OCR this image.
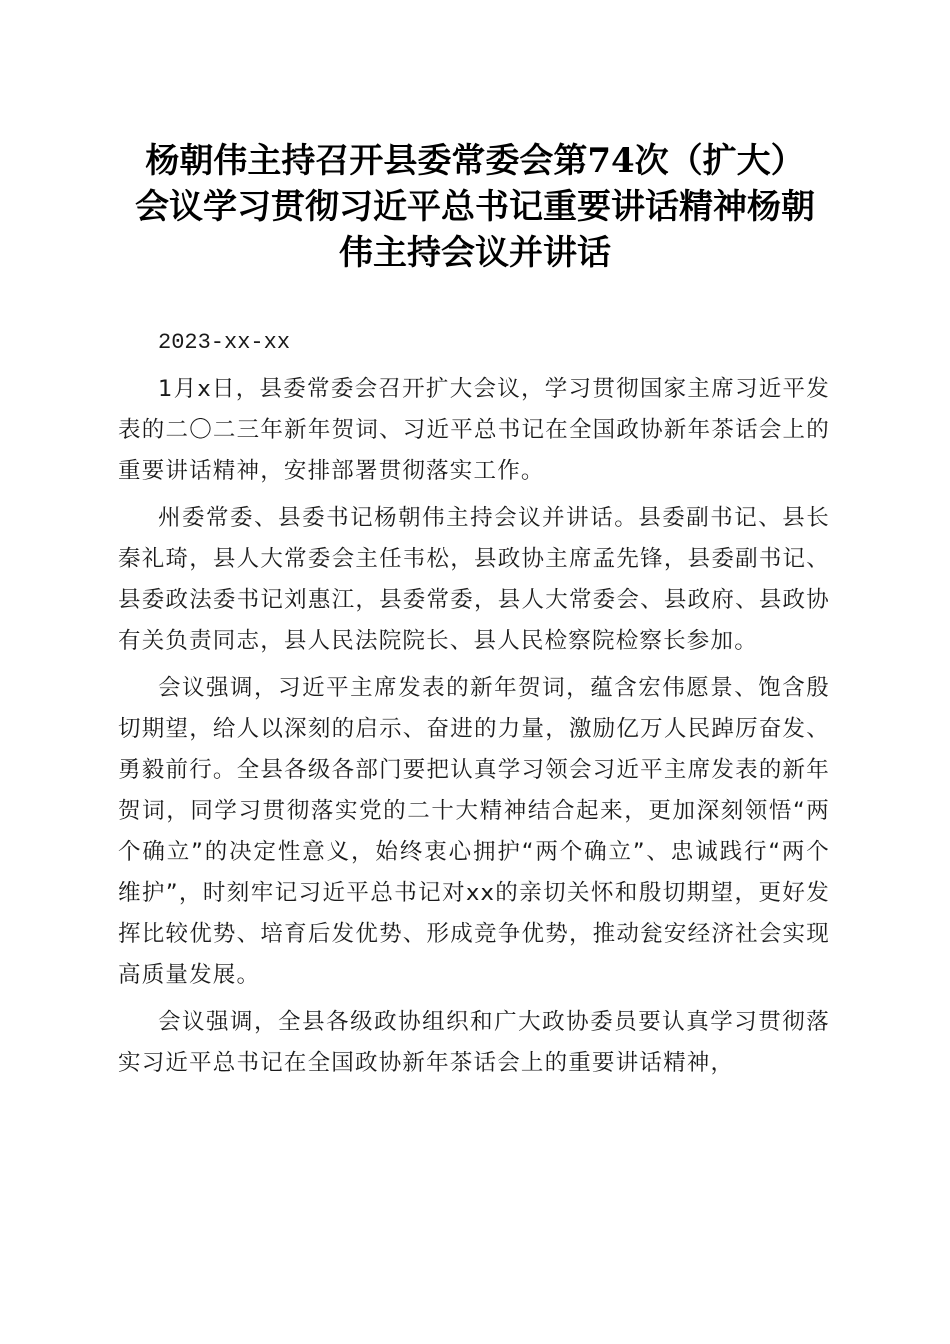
杨朝伟主持召开县委常委会第74次（扩大）
会议学习贯彻习近平总书记重要讲话精神杨朝
伟主持会议并讲话

2023-xx-xx

1月x日，县委常委会召开扩大会议，学习贯彻国家主席习近平发表的二〇二三年新年贺词、习近平总书记在全国政协新年茶话会上的重要讲话精神，安排部署贯彻落实工作。

州委常委、县委书记杨朝伟主持会议并讲话。县委副书记、县长秦礼琦，县人大常委会主任韦松，县政协主席孟先锋，县委副书记、县委政法委书记刘惠江，县委常委，县人大常委会、县政府、县政协有关负责同志，县人民法院院长、县人民检察院检察长参加。

会议强调，习近平主席发表的新年贺词，蕴含宏伟愿景、饱含殷切期望，给人以深刻的启示、奋进的力量，激励亿万人民踔厉奋发、勇毅前行。全县各级各部门要把认真学习领会习近平主席发表的新年贺词，同学习贯彻落实党的二十大精神结合起来，更加深刻领悟“两个确立”的决定性意义，始终衷心拥护“两个确立”、忠诚践行“两个维护”，时刻牢记习近平总书记对xx的亲切关怀和殷切期望，更好发挥比较优势、培育后发优势、形成竞争优势，推动瓮安经济社会实现高质量发展。

会议强调，全县各级政协组织和广大政协委员要认真学习贯彻落实习近平总书记在全国政协新年茶话会上的重要讲话精神，
